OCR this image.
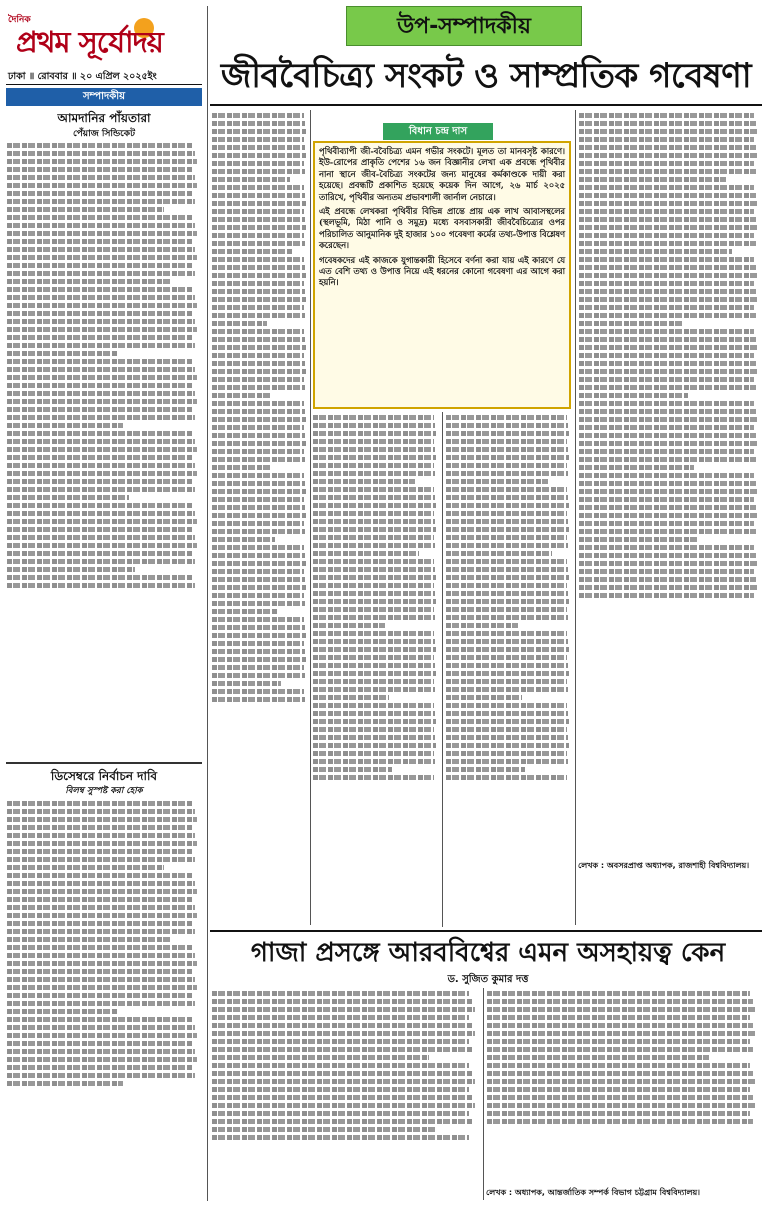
দৈনিক
প্রথম সূর্যোদয়
ঢাকা ॥ রোববার ॥ ২০ এপ্রিল ২০২৫ইং
সম্পাদকীয়
আমদানির পাঁয়তারা
পেঁয়াজ সিন্ডিকেট
ডিসেম্বরে নির্বাচন দাবি
বিলম্ব সুস্পষ্ট করা হোক
উপ-সম্পাদকীয়
জীববৈচিত্র্য সংকট ও সাম্প্রতিক গবেষণা
বিধান চন্দ্র দাস

পৃথিবীব্যাপী জী-ববৈচিত্র্য এমন গভীর সংকটে। মূলত তা মানবসৃষ্ট কারণে। ইউ-রোপের প্রাকৃতি পেশের ১৬ জন বিজ্ঞানীর লেখা এক প্রবন্ধে পৃথিবীর নানা স্থানে জীব-বৈচিত্র্য সংকটের জন্য মানুষের কর্মকাণ্ডকে দায়ী করা হয়েছে। প্রবন্ধটি প্রকাশিত হয়েছে কয়েক দিন আগে, ২৬ মার্চ ২০২৫ তারিখে, পৃথিবীর অন্যতম প্রভাবশালী জার্নাল নেচারে।

এই প্রবন্ধে লেখকরা পৃথিবীর বিভিন্ন প্রান্তে প্রায় এক লাখ আবাসস্থলের (স্থলভূমি, মিঠা পানি ও সমুদ্র) মধ্যে বসবাসকারী জীববৈচিত্র্যের ওপর পরিচালিত আনুমানিক দুই হাজার ১০০ গবেষণা কর্মের তথ্য-উপাত্ত বিশ্লেষণ করেছেন।

গবেষকদের এই কাজকে যুগান্তকারী হিসেবে বর্ণনা করা যায় এই কারণে যে এত বেশি তথ্য ও উপাত্ত নিয়ে এই ধরনের কোনো গবেষণা এর আগে করা হয়নি।

লেখক : অবসরপ্রাপ্ত অধ্যাপক, রাজশাহী বিশ্ববিদ্যালয়।
গাজা প্রসঙ্গে আরববিশ্বের এমন অসহায়ত্ব কেন
ড. সুজিত কুমার দত্ত
লেখক : অধ্যাপক, আন্তর্জাতিক সম্পর্ক বিভাগ চট্টগ্রাম বিশ্ববিদ্যালয়।
